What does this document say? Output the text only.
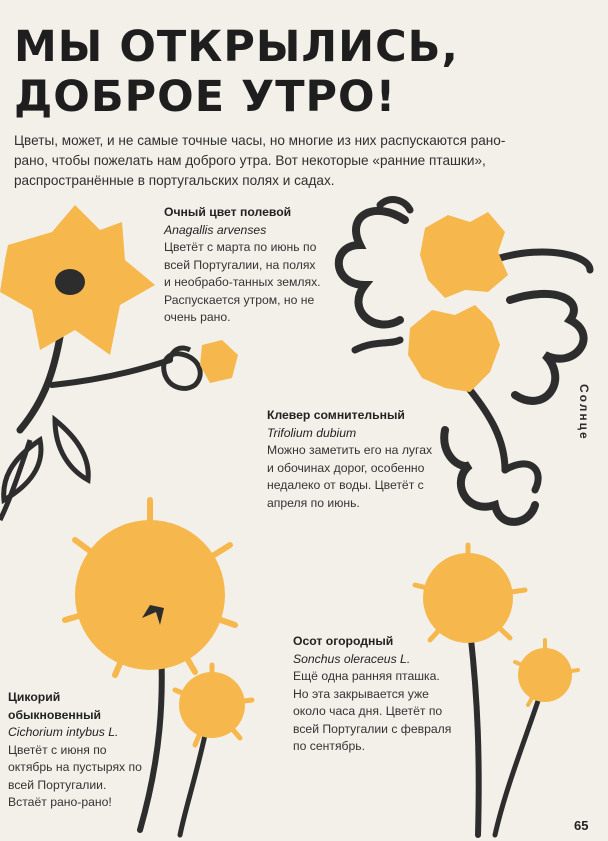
МЫ ОТКРЫЛИСЬ,
ДОБРОЕ УТРО!

Цветы, может, и не самые точные часы, но многие из них распускаются рано-рано, чтобы пожелать нам доброго утра. Вот некоторые «ранние пташки», распространённые в португальских полях и садах.

Очный цвет полевой
Anagallis arvenses
Цветёт с марта по июнь по всей Португалии, на полях и необрабо-танных землях. Распускается утром, но не очень рано.
Клевер сомнительный
Trifolium dubium
Можно заметить его на лугах и обочинах дорог, особенно недалеко от воды. Цветёт с апреля по июнь.
Осот огородный
Sonchus oleraceus L.
Ещё одна ранняя пташка. Но эта закрывается уже около часа дня. Цветёт по всей Португалии с февраля по сентябрь.
Цикорий обыкновенный
Cichorium intybus L.
Цветёт с июня по октябрь на пустырях по всей Португалии. Встаёт рано-рано!
Солнце
65
